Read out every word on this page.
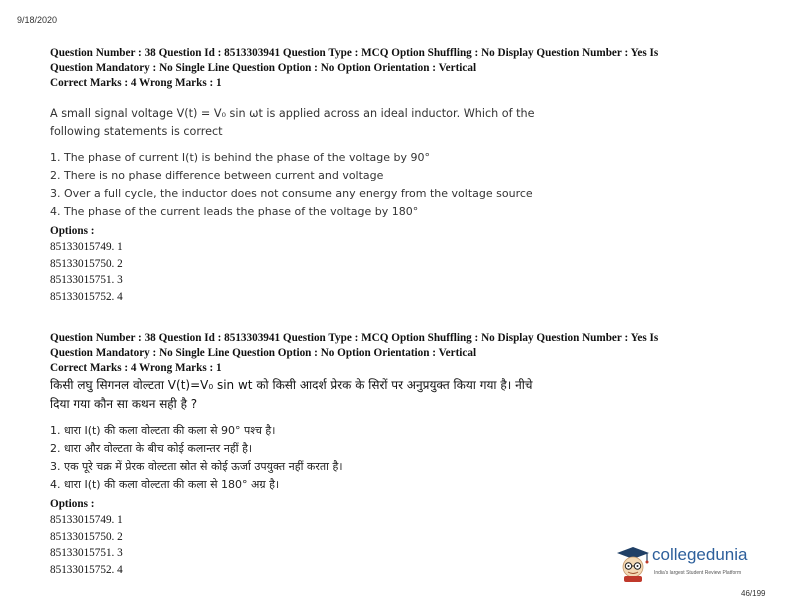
9/18/2020
Question Number : 38 Question Id : 8513303941 Question Type : MCQ Option Shuffling : No Display Question Number : Yes Is
Question Mandatory : No Single Line Question Option : No Option Orientation : Vertical
Correct Marks : 4 Wrong Marks : 1
A small signal voltage V(t) = V₀ sin ωt is applied across an ideal inductor. Which of the following statements is correct
1. The phase of current I(t) is behind the phase of the voltage by 90°
2. There is no phase difference between current and voltage
3. Over a full cycle, the inductor does not consume any energy from the voltage source
4. The phase of the current leads the phase of the voltage by 180°
Options :
85133015749. 1
85133015750. 2
85133015751. 3
85133015752. 4
Question Number : 38 Question Id : 8513303941 Question Type : MCQ Option Shuffling : No Display Question Number : Yes Is
Question Mandatory : No Single Line Question Option : No Option Orientation : Vertical
Correct Marks : 4 Wrong Marks : 1
किसी लघु सिगनल वोल्टता V(t)=V₀ sin wt को किसी आदर्श प्रेरक के सिरों पर अनुप्रयुक्त किया गया है। नीचे दिया गया कौन सा कथन सही है ?
1. धारा I(t) की कला वोल्टता की कला से 90° पश्च है।
2. धारा और वोल्टता के बीच कोई कलान्तर नहीं है।
3. एक पूरे चक्र में प्रेरक वोल्टता स्रोत से कोई ऊर्जा उपयुक्त नहीं करता है।
4. धारा I(t) की कला वोल्टता की कला से 180° अग्र है।
Options :
85133015749. 1
85133015750. 2
85133015751. 3
85133015752. 4
collegedunia
India's largest Student Review Platform
46/199
